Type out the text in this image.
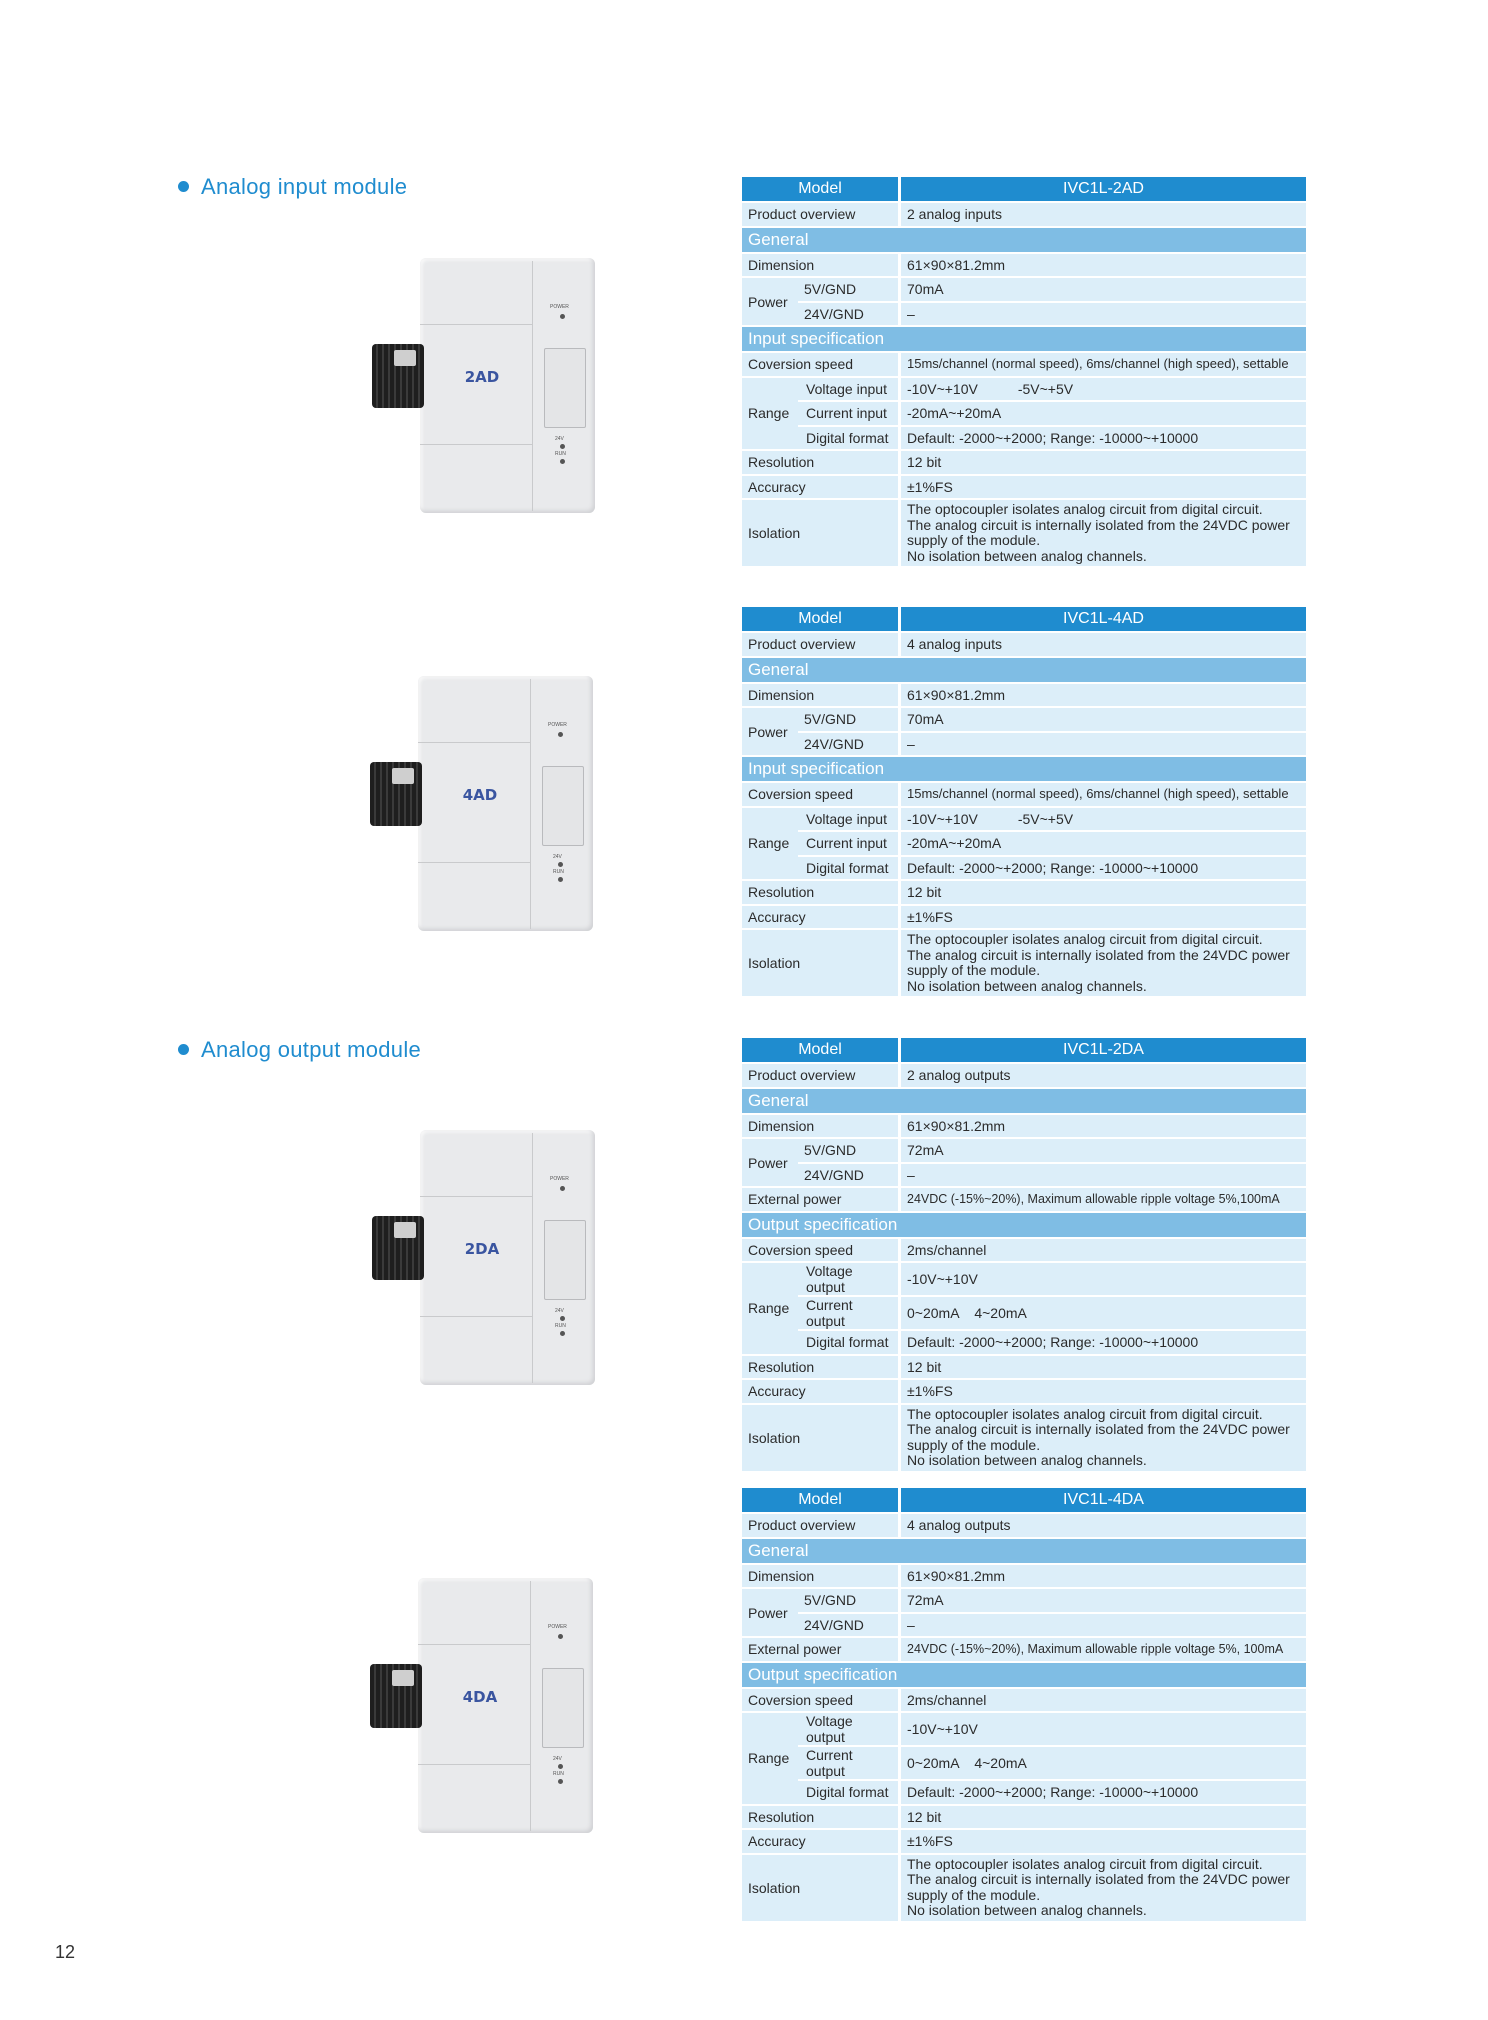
Analog input module
Analog output module
Model			IVC1L-2AD
Product overview			2 analog inputs
General			
Dimension			61×90×81.2mm
Power	5V/GND		70mA
	24V/GND		–
Input specification			
Coversion speed			15ms/channel (normal speed), 6ms/channel (high speed), settable
Range		Voltage input	-10V~+10V -5V~+5V
		Current input	-20mA~+20mA
		Digital format	Default: -2000~+2000; Range: -10000~+10000
Resolution			12 bit
Accuracy			±1%FS
Isolation			The optocoupler isolates analog circuit from digital circuit.
The analog circuit is internally isolated from the 24VDC power
supply of the module.
No isolation between analog channels.
Model			IVC1L-4AD
Product overview			4 analog inputs
General			
Dimension			61×90×81.2mm
Power	5V/GND		70mA
	24V/GND		–
Input specification			
Coversion speed			15ms/channel (normal speed), 6ms/channel (high speed), settable
Range		Voltage input	-10V~+10V -5V~+5V
		Current input	-20mA~+20mA
		Digital format	Default: -2000~+2000; Range: -10000~+10000
Resolution			12 bit
Accuracy			±1%FS
Isolation			The optocoupler isolates analog circuit from digital circuit.
The analog circuit is internally isolated from the 24VDC power
supply of the module.
No isolation between analog channels.
Model			IVC1L-2DA
Product overview			2 analog outputs
General			
Dimension			61×90×81.2mm
Power	5V/GND		72mA
	24V/GND		–
External power			24VDC (-15%~20%), Maximum allowable ripple voltage 5%,100mA
Output specification			
Coversion speed			2ms/channel
Range		Voltage output	-10V~+10V
		Current output	0~20mA    4~20mA
		Digital format	Default: -2000~+2000; Range: -10000~+10000
Resolution			12 bit
Accuracy			±1%FS
Isolation			The optocoupler isolates analog circuit from digital circuit.
The analog circuit is internally isolated from the 24VDC power
supply of the module.
No isolation between analog channels.
Model			IVC1L-4DA
Product overview			4 analog outputs
General			
Dimension			61×90×81.2mm
Power	5V/GND		72mA
	24V/GND		–
External power			24VDC (-15%~20%), Maximum allowable ripple voltage 5%, 100mA
Output specification			
Coversion speed			2ms/channel
Range		Voltage output	-10V~+10V
		Current output	0~20mA    4~20mA
		Digital format	Default: -2000~+2000; Range: -10000~+10000
Resolution			12 bit
Accuracy			±1%FS
Isolation			The optocoupler isolates analog circuit from digital circuit.
The analog circuit is internally isolated from the 24VDC power
supply of the module.
No isolation between analog channels.
2AD
POWER
24V
RUN
4AD
POWER
24V
RUN
2DA
POWER
24V
RUN
4DA
POWER
24V
RUN
12
